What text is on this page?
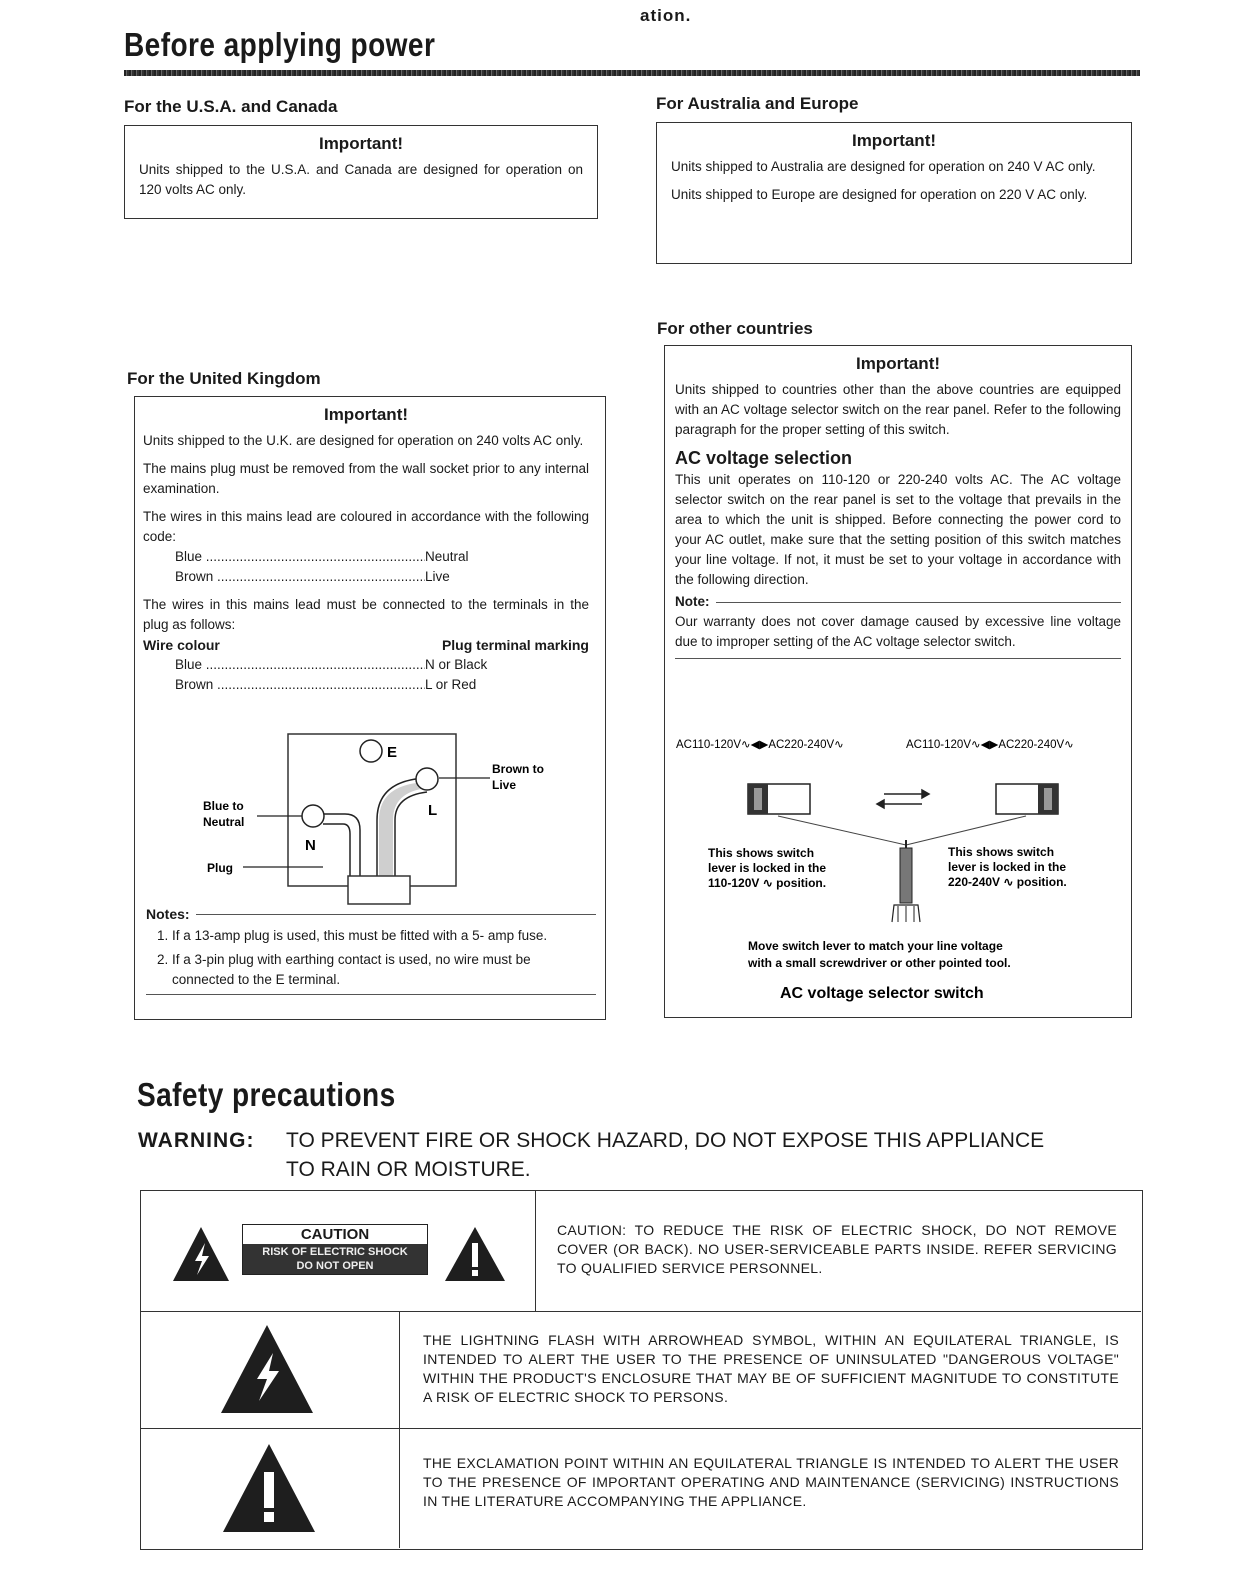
ation.
Before applying power
For the U.S.A. and Canada
Important!

Units shipped to the U.S.A. and Canada are designed for operation on 120 volts AC only.

For Australia and Europe
Important!

Units shipped to Australia are designed for operation on 240 V AC only.

Units shipped to Europe are designed for operation on 220 V AC only.

For the United Kingdom
Important!

Units shipped to the U.K. are designed for operation on 240 volts AC only.

The mains plug must be removed from the wall socket prior to any internal examination.

The wires in this mains lead are coloured in accordance with the following code:

Blue .....	Neutral
Brown .....	Live

The wires in this mains lead must be connected to the terminals in the plug as follows:

Wire colour	Plug terminal marking
Blue .....	N or Black
Brown .....	L or Red
E
L
N
Brown to
Live
Blue to
Neutral
Plug
Notes:
1. If a 13-amp plug is used, this must be fitted with a 5- amp fuse.
2. If a 3-pin plug with earthing contact is used, no wire must be connected to the E terminal.
For other countries
Important!

Units shipped to countries other than the above countries are equipped with an AC voltage selector switch on the rear panel. Refer to the following paragraph for the proper setting of this switch.

AC voltage selection

This unit operates on 110-120 or 220-240 volts AC. The AC voltage selector switch on the rear panel is set to the voltage that prevails in the area to which the unit is shipped. Before connecting the power cord to your AC outlet, make sure that the setting position of this switch matches your line voltage. If not, it must be set to your voltage in accordance with the following direction.

Note:

Our warranty does not cover damage caused by excessive line voltage due to improper setting of the AC voltage selector switch.

AC110-120V∿◀▶AC220-240V∿	AC110-120V∿◀▶AC220-240V∿
This shows switch lever is locked in the 110-120V ∿ position.
This shows switch lever is locked in the 220-240V ∿ position.
Move switch lever to match your line voltage with a small screwdriver or other pointed tool.
AC voltage selector switch
Safety precautions
WARNING:	TO PREVENT FIRE OR SHOCK HAZARD, DO NOT EXPOSE THIS APPLIANCE
TO RAIN OR MOISTURE.
CAUTION
RISK OF ELECTRIC SHOCK
DO NOT OPEN
CAUTION: TO REDUCE THE RISK OF ELECTRIC SHOCK, DO NOT REMOVE COVER (OR BACK). NO USER-SERVICEABLE PARTS INSIDE. REFER SERVICING TO QUALIFIED SERVICE PERSONNEL.
THE LIGHTNING FLASH WITH ARROWHEAD SYMBOL, WITHIN AN EQUILATERAL TRIANGLE, IS INTENDED TO ALERT THE USER TO THE PRESENCE OF UNINSULATED "DANGEROUS VOLTAGE" WITHIN THE PRODUCT'S ENCLOSURE THAT MAY BE OF SUFFICIENT MAGNITUDE TO CONSTITUTE A RISK OF ELECTRIC SHOCK TO PERSONS.
THE EXCLAMATION POINT WITHIN AN EQUILATERAL TRIANGLE IS INTENDED TO ALERT THE USER TO THE PRESENCE OF IMPORTANT OPERATING AND MAINTENANCE (SERVICING) INSTRUCTIONS IN THE LITERATURE ACCOMPANYING THE APPLIANCE.
